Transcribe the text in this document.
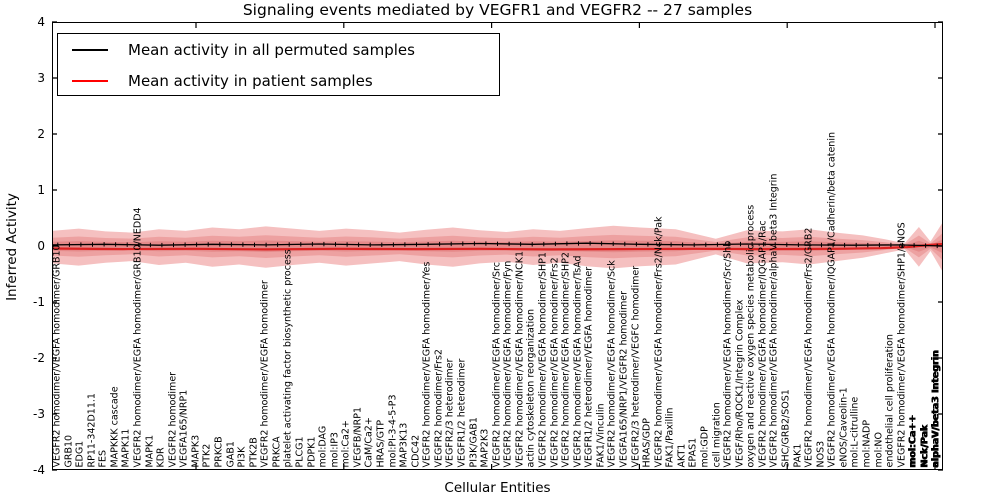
Signaling events mediated by VEGFR1 and VEGFR2 -- 27 samples
Inferred Activity
Cellular Entities
4
3
2
1
0
-1
-2
-3
-4
VEGFR2 homodimer/VEGFA homodimer/GRB10 GRB10 EDG1 RP11-342D11.1 FES MAPKKK cascade MAPK11 VEGFR2 homodimer/VEGFA homodimer/GRB10/NEDD4 MAPK1 KDR VEGFR2 homodimer VEGFA165/NRP1 MAPK3 PTK2 PRKCB GAB1 PI3K PTK2B VEGFR2 homodimer/VEGFA homodimer PRKCA platelet activating factor biosynthetic process PLCG1 PDPK1 mol:DAG mol:IP3 mol:Ca2+ VEGFB/NRP1 CaM/Ca2+ HRAS/GTP mol:PI-3-4-5-P3 MAP3K13 CDC42 VEGFR2 homodimer/VEGFA homodimer/Yes VEGFR2 homodimer/Frs2 VEGFR2/3 heterodimer VEGFR1/2 heterodimer PI3K/GAB1 MAP2K3 VEGFR2 homodimer/VEGFA homodimer/Src VEGFR2 homodimer/VEGFA homodimer/Fyn VEGFR2 homodimer/VEGFA homodimer/NCK1 actin cytoskeleton reorganization VEGFR2 homodimer/VEGFA homodimer/SHP1 VEGFR2 homodimer/VEGFA homodimer/Frs2 VEGFR2 homodimer/VEGFA homodimer/SHP2 VEGFR2 homodimer/VEGFA homodimer/TsAd VEGFR1/2 heterodimer/VEGFA homodimer FAK1/Vinculin VEGFR2 homodimer/VEGFA homodimer/Sck VEGFA165/NRP1/VEGFR2 homodimer VEGFR2/3 heterodimer/VEGFC homodimer HRAS/GDP VEGFR2 homodimer/VEGFA homodimer/Frs2/Nck/Pak FAK1/Paxillin AKT1 EPAS1 mol:GDP cell migration VEGFR2 homodimer/VEGFA homodimer/Src/Shb VEGF/Rho/ROCK1/Integrin Complex oxygen and reactive oxygen species metabolic process VEGFR2 homodimer/VEGFA homodimer/IQGAP1/Rac VEGFR2 homodimer/VEGFA homodimer/alphaV beta3 Integrin SHC/GRB2/SOS1 PAK1 VEGFR2 homodimer/VEGFA homodimer/Frs2/GRB2 NOS3 VEGFR2 homodimer/VEGFA homodimer/IQGAP1/Cadherin/beta catenin eNOS/Caveolin-1 mol:L-citrulline mol:NADP mol:NO endothelial cell proliferation VEGFR2 homodimer/VEGFA homodimer/SHP1/eNOS mol:Ca++ Nck/Pak alphaV/beta3 Integrin
Mean activity in all permuted samples
Mean activity in patient samples
